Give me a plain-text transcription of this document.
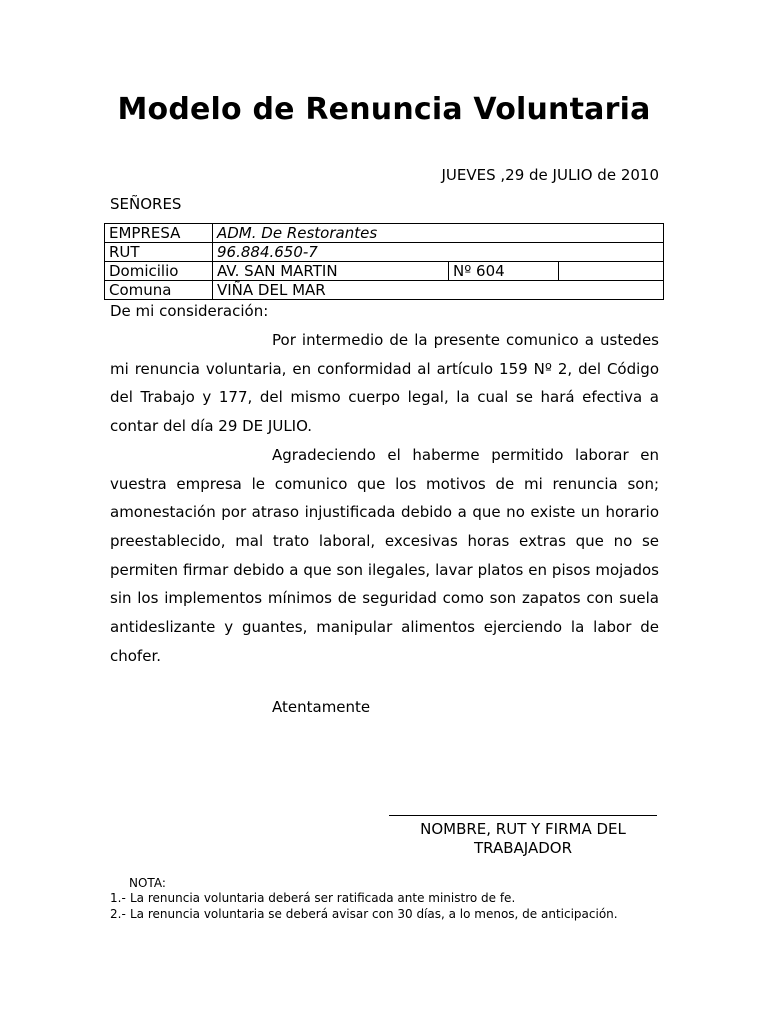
Modelo de Renuncia Voluntaria
JUEVES ,29 de JULIO de 2010
SEÑORES
EMPRESA	ADM. De Restorantes		
RUT	96.884.650-7		
Domicilio	AV. SAN MARTIN	Nº 604	
Comuna	VIÑA DEL MAR		
De mi consideración:

Por intermedio de la presente comunico a ustedes mi renuncia voluntaria, en conformidad al artículo 159 Nº 2, del Código del Trabajo y 177, del mismo cuerpo legal, la cual se hará efectiva a contar del día 29 DE JULIO.

Agradeciendo el haberme permitido laborar en vuestra empresa le comunico que los motivos de mi renuncia son; amonestación por atraso injustificada debido a que no existe un horario preestablecido, mal trato laboral, excesivas horas extras que no se permiten firmar debido a que son ilegales, lavar platos en pisos mojados sin los implementos mínimos de seguridad como son zapatos con suela antideslizante y guantes, manipular alimentos ejerciendo la labor de chofer.

Atentamente
NOMBRE, RUT Y FIRMA DEL
TRABAJADOR
NOTA:
1.- La renuncia voluntaria deberá ser ratificada ante ministro de fe.
2.- La renuncia voluntaria se deberá avisar con 30 días, a lo menos, de anticipación.
